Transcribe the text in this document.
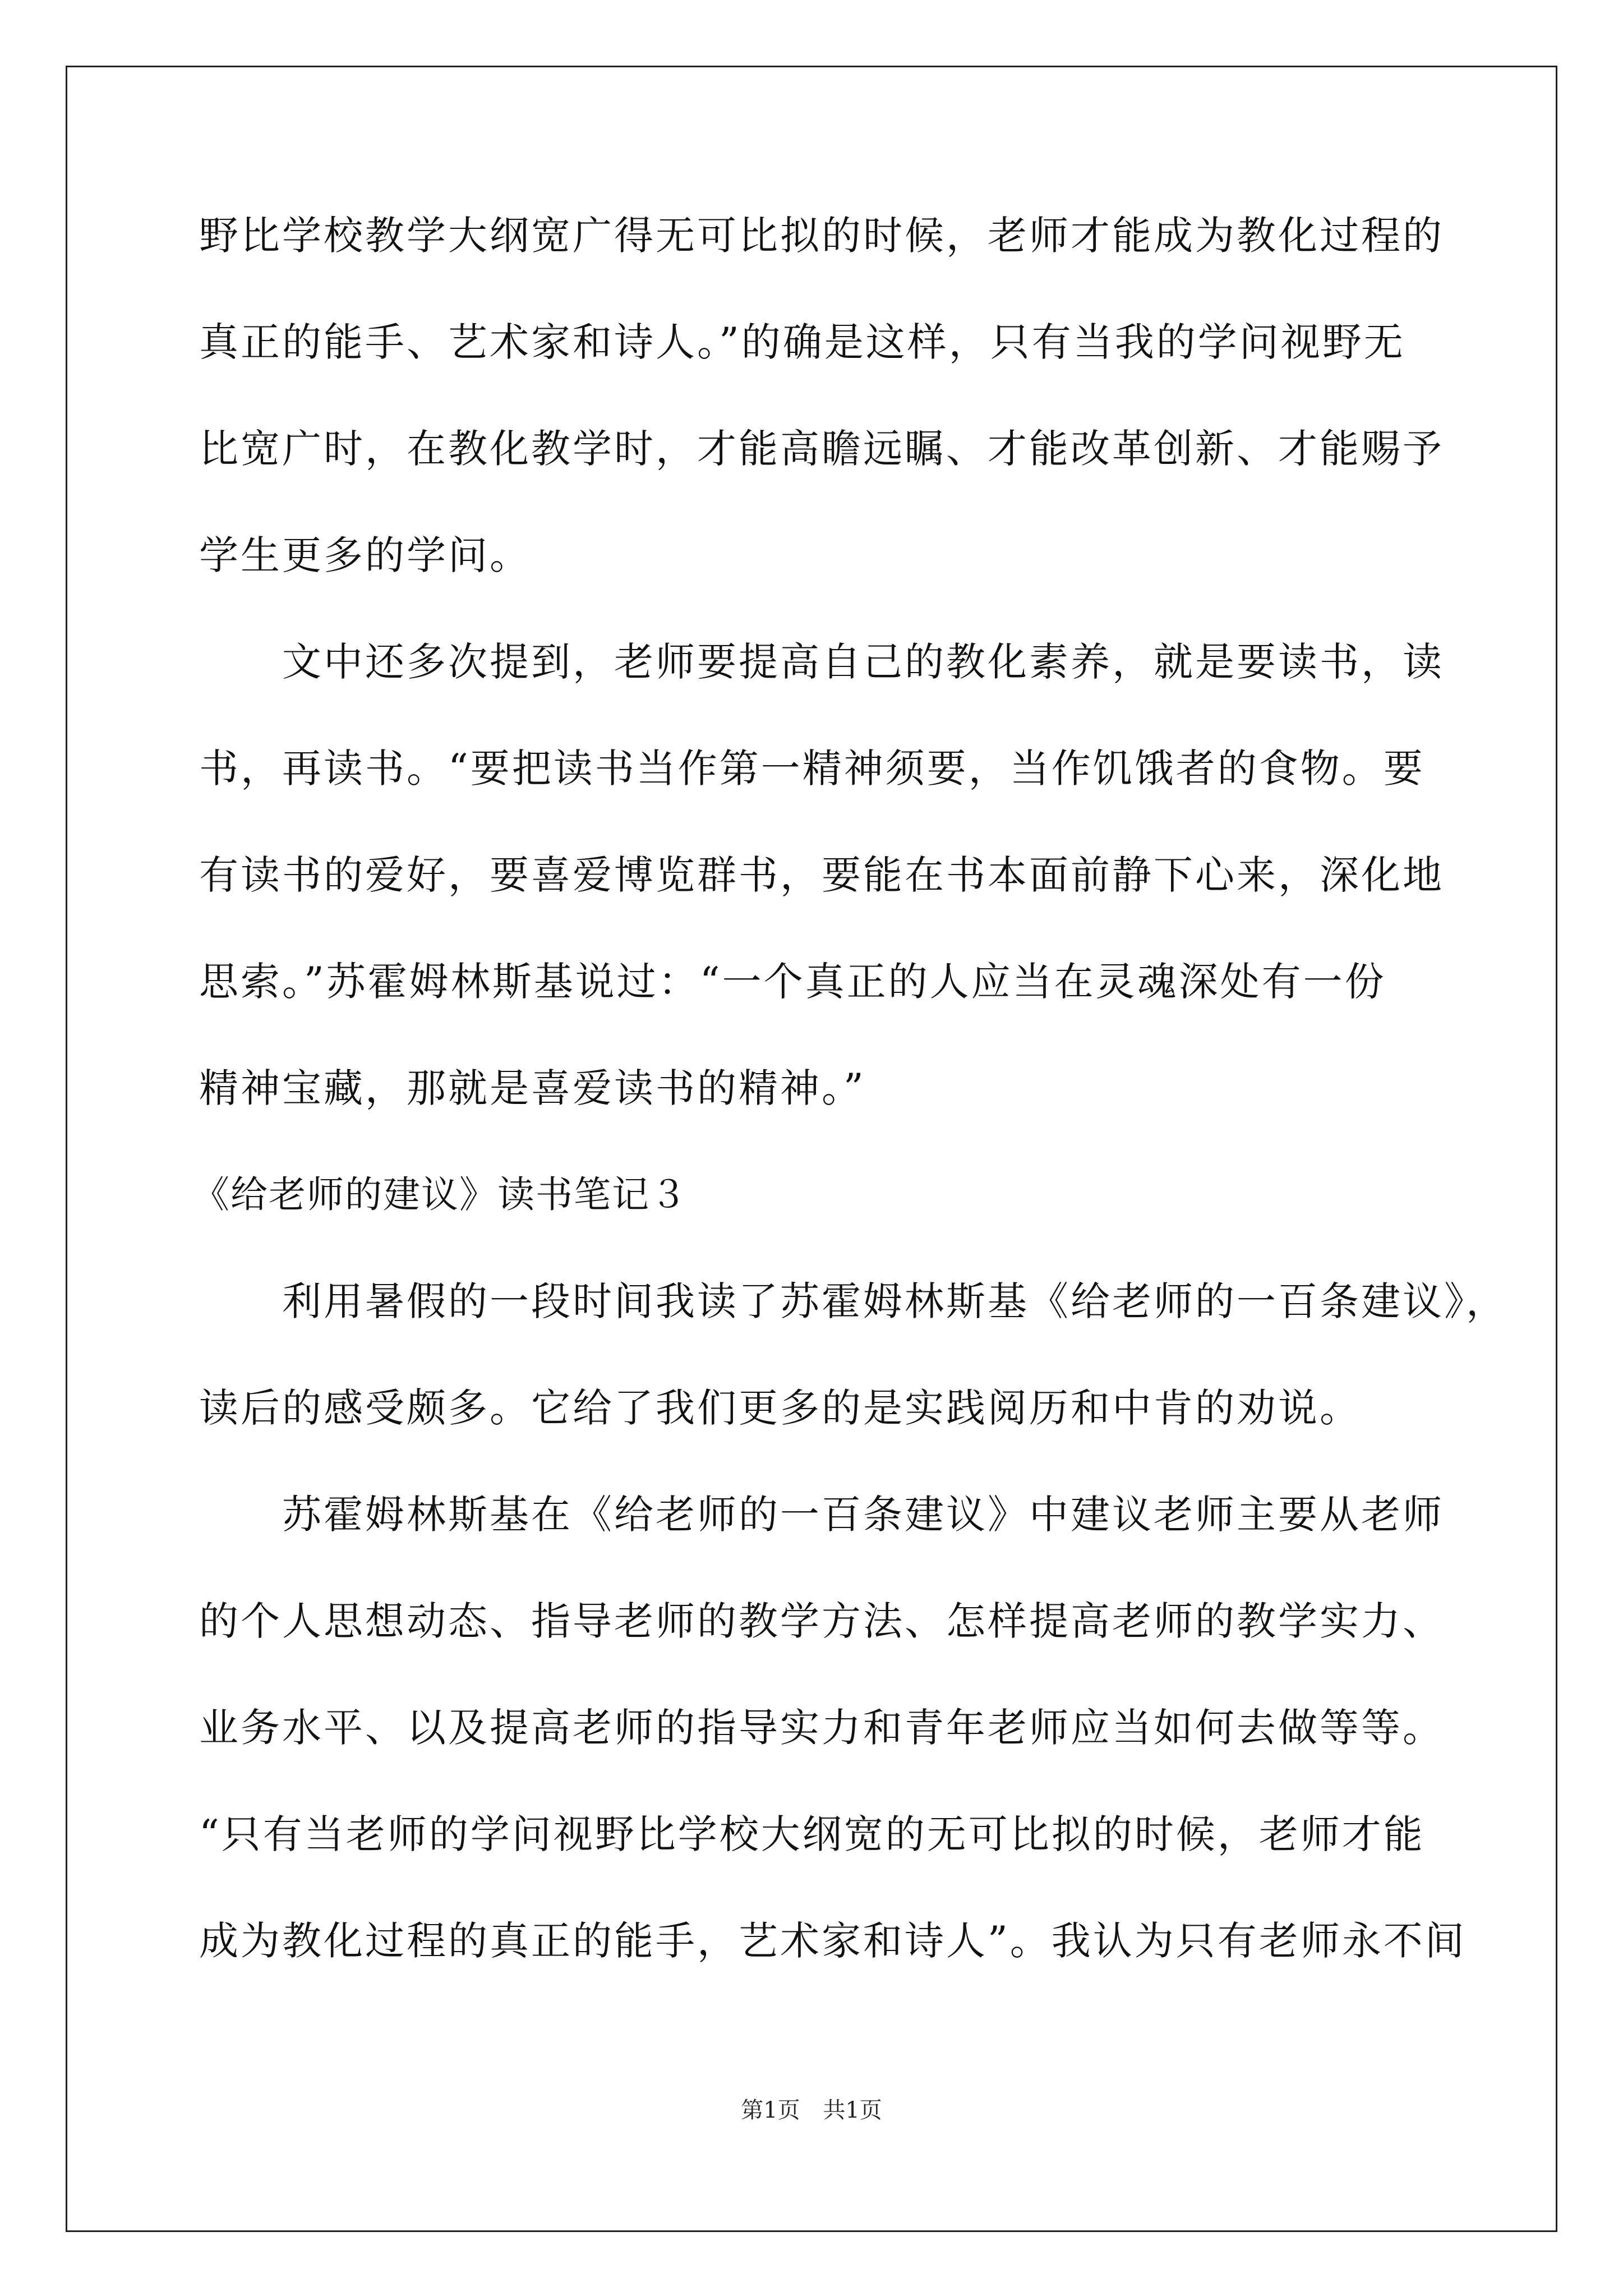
野比学校教学大纲宽广得无可比拟的时候，老师才能成为教化过程的
真正的能手、艺术家和诗人。”的确是这样，只有当我的学问视野无
比宽广时，在教化教学时，才能高瞻远瞩、才能改革创新、才能赐予
学生更多的学问。
文中还多次提到，老师要提高自己的教化素养，就是要读书，读
书，再读书。“要把读书当作第一精神须要，当作饥饿者的食物。要
有读书的爱好，要喜爱博览群书，要能在书本面前静下心来，深化地
思索。”苏霍姆林斯基说过：“一个真正的人应当在灵魂深处有一份
精神宝藏，那就是喜爱读书的精神。”
《给老师的建议》读书笔记３
利用暑假的一段时间我读了苏霍姆林斯基《给老师的一百条建议》，
读后的感受颇多。它给了我们更多的是实践阅历和中肯的劝说。
苏霍姆林斯基在《给老师的一百条建议》中建议老师主要从老师
的个人思想动态、指导老师的教学方法、怎样提高老师的教学实力、
业务水平、以及提高老师的指导实力和青年老师应当如何去做等等。
“只有当老师的学问视野比学校大纲宽的无可比拟的时候，老师才能
成为教化过程的真正的能手，艺术家和诗人”。我认为只有老师永不间
第1页 共1页
